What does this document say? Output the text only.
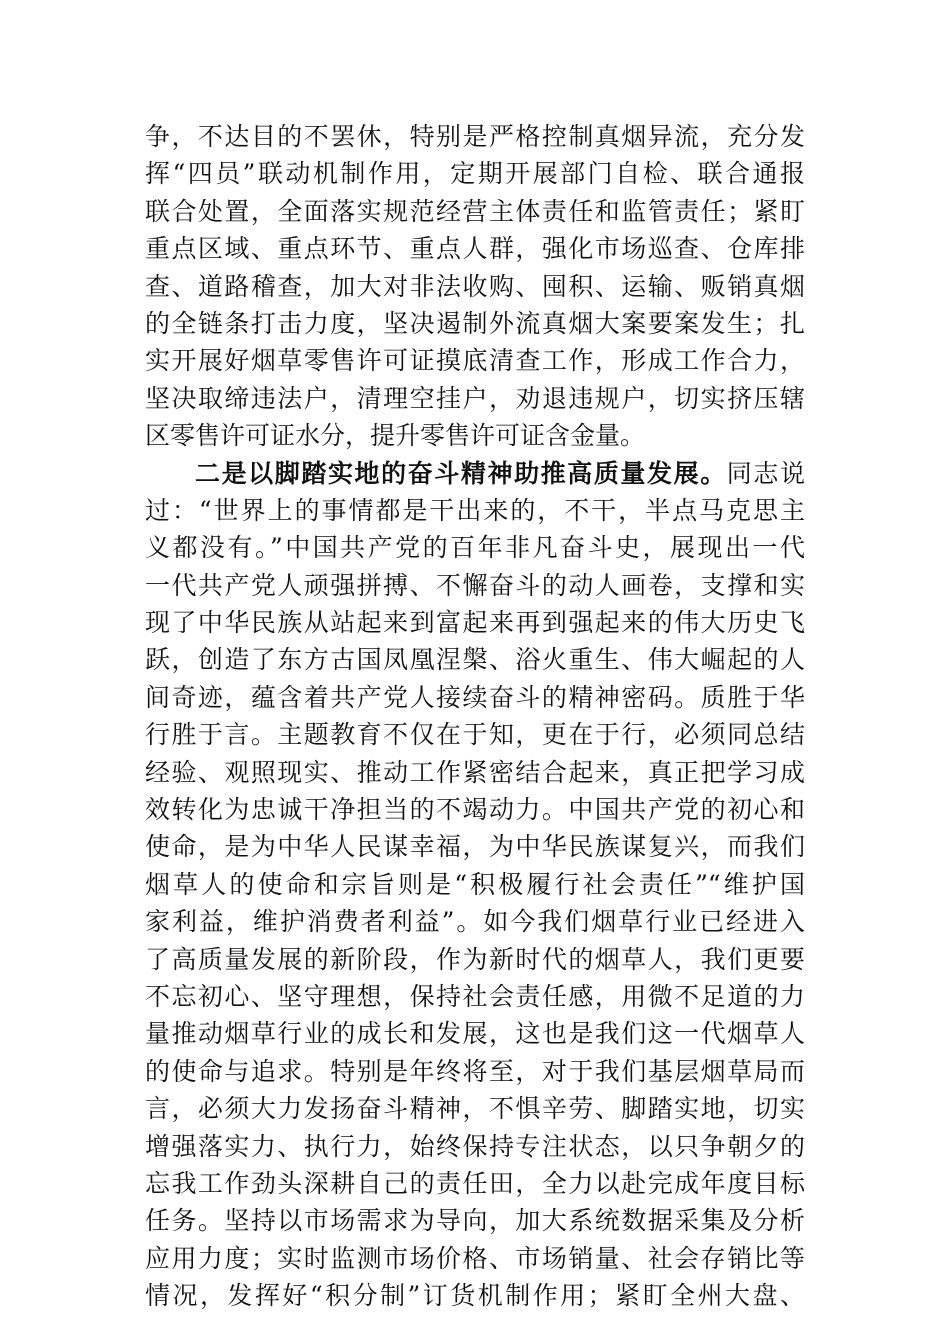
争，不达目的不罢休，特别是严格控制真烟异流，充分发
挥“四员”联动机制作用，定期开展部门自检、联合通报
联合处置，全面落实规范经营主体责任和监管责任；紧盯
重点区域、重点环节、重点人群，强化市场巡查、仓库排
查、道路稽查，加大对非法收购、囤积、运输、贩销真烟
的全链条打击力度，坚决遏制外流真烟大案要案发生；扎
实开展好烟草零售许可证摸底清查工作，形成工作合力，
坚决取缔违法户，清理空挂户，劝退违规户，切实挤压辖
区零售许可证水分，提升零售许可证含金量。

二是以脚踏实地的奋斗精神助推高质量发展。同志说
过：“世界上的事情都是干出来的，不干，半点马克思主
义都没有。”中国共产党的百年非凡奋斗史，展现出一代
一代共产党人顽强拼搏、不懈奋斗的动人画卷，支撑和实
现了中华民族从站起来到富起来再到强起来的伟大历史飞
跃，创造了东方古国凤凰涅槃、浴火重生、伟大崛起的人
间奇迹，蕴含着共产党人接续奋斗的精神密码。质胜于华
行胜于言。主题教育不仅在于知，更在于行，必须同总结
经验、观照现实、推动工作紧密结合起来，真正把学习成
效转化为忠诚干净担当的不竭动力。中国共产党的初心和
使命，是为中华人民谋幸福，为中华民族谋复兴，而我们
烟草人的使命和宗旨则是“积极履行社会责任”“维护国
家利益，维护消费者利益”。如今我们烟草行业已经进入
了高质量发展的新阶段，作为新时代的烟草人，我们更要
不忘初心、坚守理想，保持社会责任感，用微不足道的力
量推动烟草行业的成长和发展，这也是我们这一代烟草人
的使命与追求。特别是年终将至，对于我们基层烟草局而
言，必须大力发扬奋斗精神，不惧辛劳、脚踏实地，切实
增强落实力、执行力，始终保持专注状态，以只争朝夕的
忘我工作劲头深耕自己的责任田，全力以赴完成年度目标
任务。坚持以市场需求为导向，加大系统数据采集及分析
应用力度；实时监测市场价格、市场销量、社会存销比等
情况，发挥好“积分制”订货机制作用；紧盯全州大盘、
